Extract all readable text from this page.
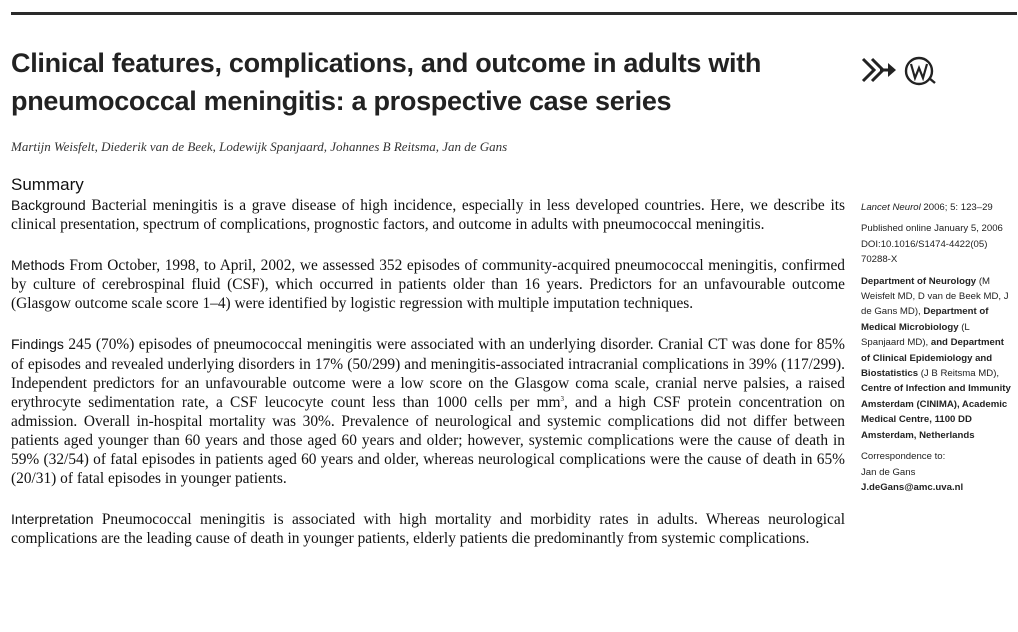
Clinical features, complications, and outcome in adults with pneumococcal meningitis: a prospective case series
Martijn Weisfelt, Diederik van de Beek, Lodewijk Spanjaard, Johannes B Reitsma, Jan de Gans
Summary

Background Bacterial meningitis is a grave disease of high incidence, especially in less developed countries. Here, we describe its clinical presentation, spectrum of complications, prognostic factors, and outcome in adults with pneumococcal meningitis.

Methods From October, 1998, to April, 2002, we assessed 352 episodes of community-acquired pneumococcal meningitis, confirmed by culture of cerebrospinal fluid (CSF), which occurred in patients older than 16 years. Predictors for an unfavourable outcome (Glasgow outcome scale score 1–4) were identified by logistic regression with multiple imputation techniques.

Findings 245 (70%) episodes of pneumococcal meningitis were associated with an underlying disorder. Cranial CT was done for 85% of episodes and revealed underlying disorders in 17% (50/299) and meningitis-associated intracranial complications in 39% (117/299). Independent predictors for an unfavourable outcome were a low score on the Glasgow coma scale, cranial nerve palsies, a raised erythrocyte sedimentation rate, a CSF leucocyte count less than 1000 cells per $mm^3$, and a high CSF protein concentration on admission. Overall in-hospital mortality was 30%. Prevalence of neurological and systemic complications did not differ between patients aged younger than 60 years and those aged 60 years and older; however, systemic complications were the cause of death in 59% (32/54) of fatal episodes in patients aged 60 years and older, whereas neurological complications were the cause of death in 65% (20/31) of fatal episodes in younger patients.

Interpretation Pneumococcal meningitis is associated with high mortality and morbidity rates in adults. Whereas neurological complications are the leading cause of death in younger patients, elderly patients die predominantly from systemic complications.

Lancet Neurol 2006; 5: 123–29
Published online January 5, 2006
DOI:10.1016/S1474-4422(05) 70288-X
Department of Neurology (M Weisfelt MD, D van de Beek MD, J de Gans MD), Department of Medical Microbiology (L Spanjaard MD), and Department of Clinical Epidemiology and Biostatistics (J B Reitsma MD), Centre of Infection and Immunity Amsterdam (CINIMA), Academic Medical Centre, 1100 DD Amsterdam, Netherlands
Correspondence to:
Jan de Gans
J.deGans@amc.uva.nl
